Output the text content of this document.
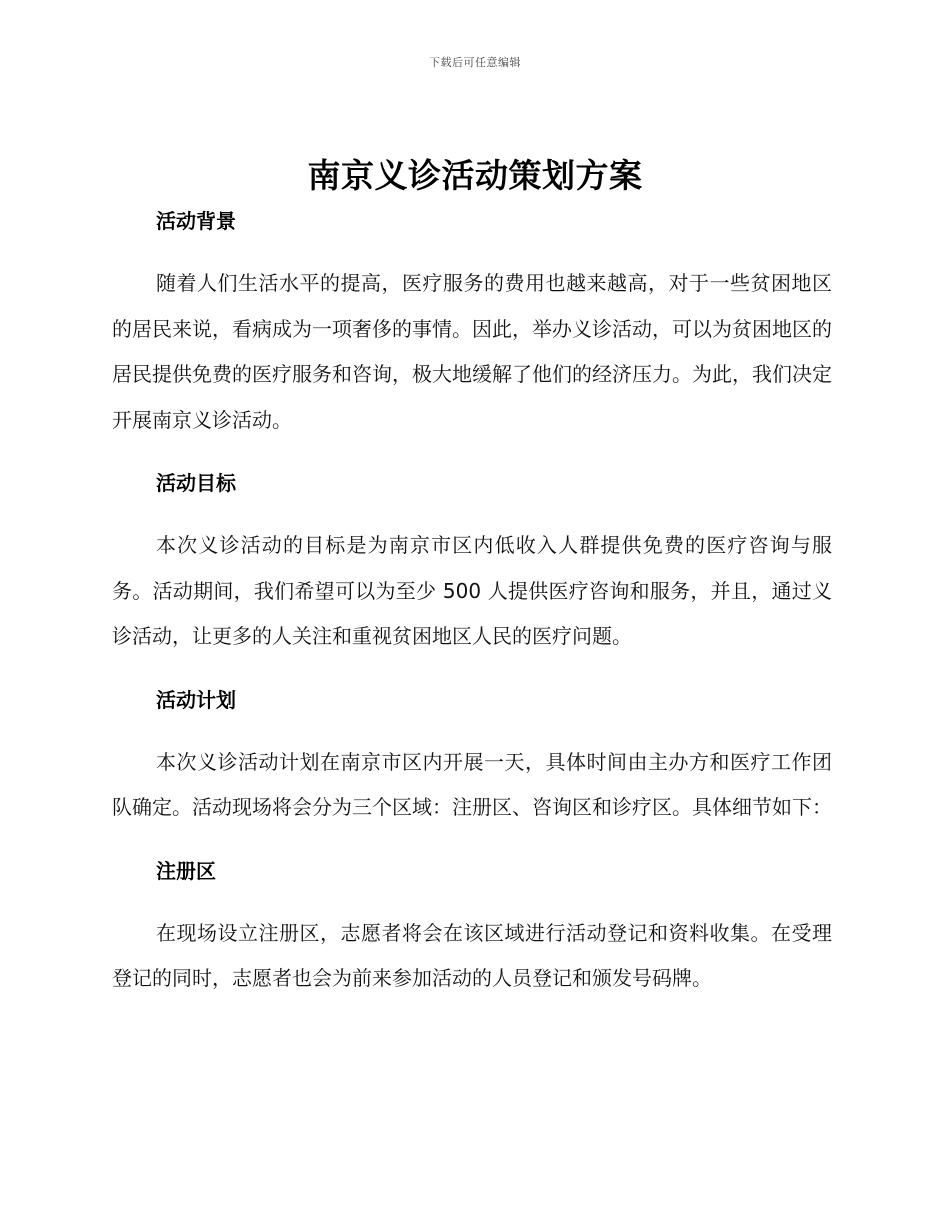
下载后可任意编辑
南京义诊活动策划方案
活动背景

随着人们生活水平的提高，医疗服务的费用也越来越高，对于一些贫困地区的居民来说，看病成为一项奢侈的事情。因此，举办义诊活动，可以为贫困地区的居民提供免费的医疗服务和咨询，极大地缓解了他们的经济压力。为此，我们决定开展南京义诊活动。

活动目标

本次义诊活动的目标是为南京市区内低收入人群提供免费的医疗咨询与服务。活动期间，我们希望可以为至少 500 人提供医疗咨询和服务，并且，通过义诊活动，让更多的人关注和重视贫困地区人民的医疗问题。

活动计划

本次义诊活动计划在南京市区内开展一天，具体时间由主办方和医疗工作团队确定。活动现场将会分为三个区域：注册区、咨询区和诊疗区。具体细节如下：

注册区

在现场设立注册区，志愿者将会在该区域进行活动登记和资料收集。在受理登记的同时，志愿者也会为前来参加活动的人员登记和颁发号码牌。
